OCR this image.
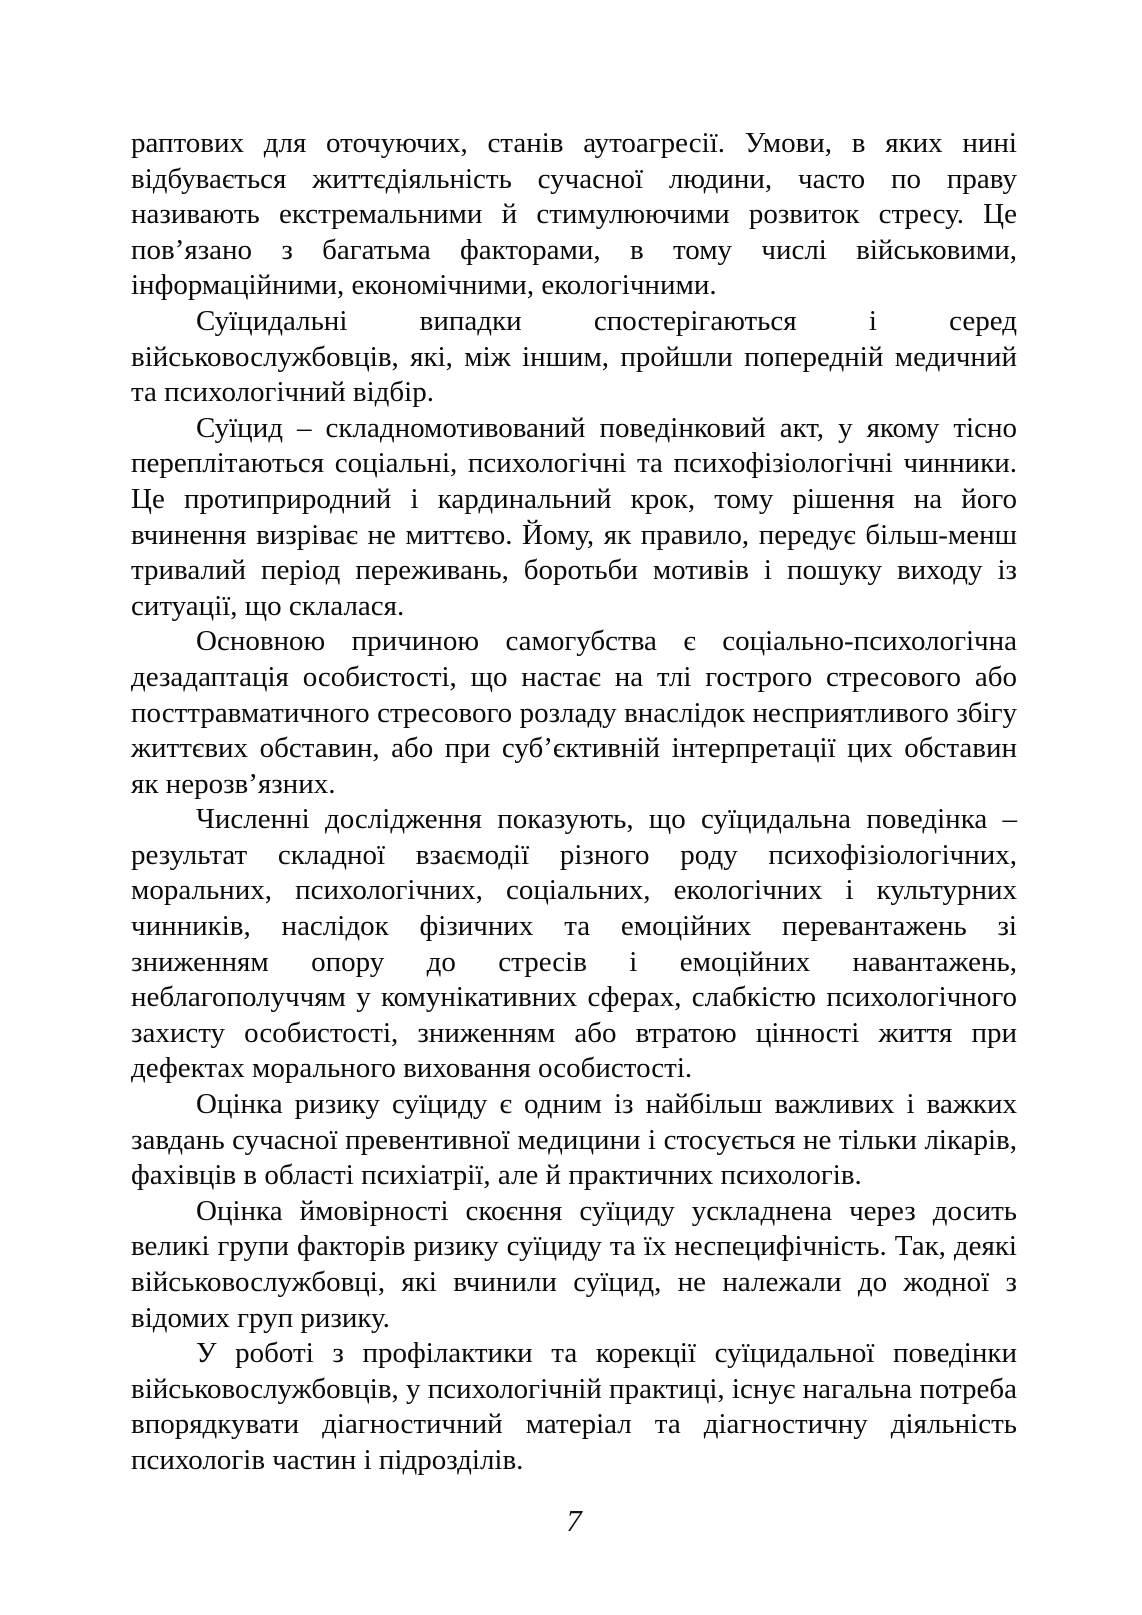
раптових для оточуючих, станів аутоагресії. Умови, в яких нині відбувається життєдіяльність сучасної людини, часто по праву називають екстремальними й стимулюючими розвиток стресу. Це пов’язано з багатьма факторами, в тому числі військовими, інформаційними, економічними, екологічними.

Суїцидальні випадки спостерігаються і серед військовослужбовців, які, між іншим, пройшли попередній медичний та психологічний відбір.

Суїцид – складномотивований поведінковий акт, у якому тісно переплітаються соціальні, психологічні та психофізіологічні чинники. Це протиприродний і кардинальний крок, тому рішення на його вчинення визріває не миттєво. Йому, як правило, передує більш-менш тривалий період переживань, боротьби мотивів і пошуку виходу із ситуації, що склалася.

Основною причиною самогубства є соціально-психологічна дезадаптація особистості, що настає на тлі гострого стресового або посттравматичного стресового розладу внаслідок несприятливого збігу життєвих обставин, або при суб’єктивній інтерпретації цих обставин як нерозв’язних.

Численні дослідження показують, що суїцидальна поведінка – результат складної взаємодії різного роду психофізіологічних, моральних, психологічних, соціальних, екологічних і культурних чинників, наслідок фізичних та емоційних перевантажень зі зниженням опору до стресів і емоційних навантажень, неблагополуччям у комунікативних сферах, слабкістю психологічного захисту особистості, зниженням або втратою цінності життя при дефектах морального виховання особистості.

Оцінка ризику суїциду є одним із найбільш важливих і важких завдань сучасної превентивної медицини і стосується не тільки лікарів, фахівців в області психіатрії, але й практичних психологів.

Оцінка ймовірності скоєння суїциду ускладнена через досить великі групи факторів ризику суїциду та їх неспецифічність. Так, деякі військовослужбовці, які вчинили суїцид, не належали до жодної з відомих груп ризику.

У роботі з профілактики та корекції суїцидальної поведінки військовослужбовців, у психологічній практиці, існує нагальна потреба впорядкувати діагностичний матеріал та діагностичну діяльність психологів частин і підрозділів.

7
